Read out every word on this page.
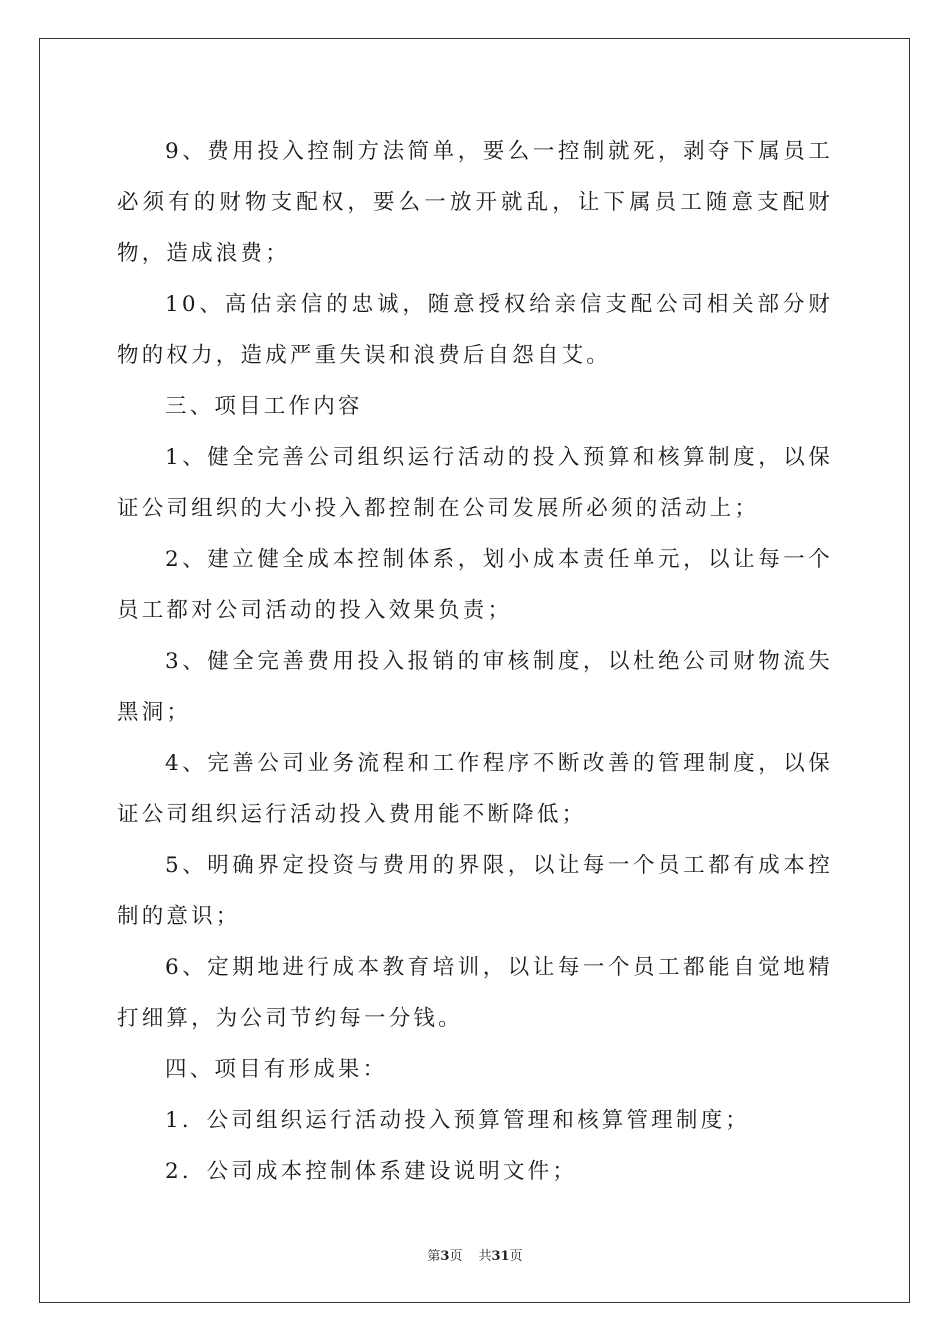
9、费用投入控制方法简单，要么一控制就死，剥夺下属员工必须有的财物支配权，要么一放开就乱，让下属员工随意支配财物，造成浪费；

10、高估亲信的忠诚，随意授权给亲信支配公司相关部分财物的权力，造成严重失误和浪费后自怨自艾。

三、项目工作内容

1、健全完善公司组织运行活动的投入预算和核算制度，以保证公司组织的大小投入都控制在公司发展所必须的活动上；

2、建立健全成本控制体系，划小成本责任单元，以让每一个员工都对公司活动的投入效果负责；

3、健全完善费用投入报销的审核制度，以杜绝公司财物流失黑洞；

4、完善公司业务流程和工作程序不断改善的管理制度，以保证公司组织运行活动投入费用能不断降低；

5、明确界定投资与费用的界限，以让每一个员工都有成本控制的意识；

6、定期地进行成本教育培训，以让每一个员工都能自觉地精打细算，为公司节约每一分钱。

四、项目有形成果：

1．公司组织运行活动投入预算管理和核算管理制度；

2．公司成本控制体系建设说明文件；

第3页 共31页
